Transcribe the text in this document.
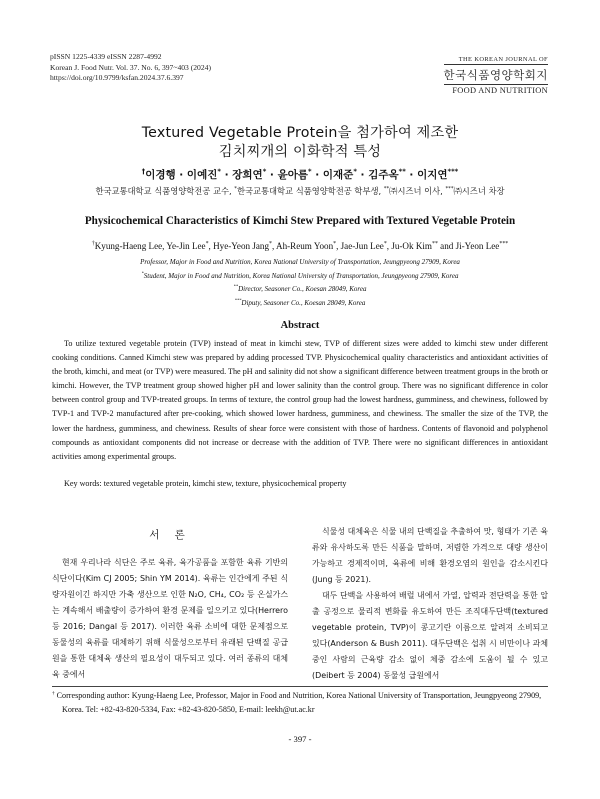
pISSN 1225-4339 eISSN 2287-4992
Korean J. Food Nutr. Vol. 37. No. 6, 397~403 (2024)
https://doi.org/10.9799/ksfan.2024.37.6.397
THE KOREAN JOURNAL OF
한국식품영양학회지
FOOD AND NUTRITION
Textured Vegetable Protein을 첨가하여 제조한
김치찌개의 이화학적 특성
†이경행 · 이예진* · 장희연* · 윤아름* · 이재준* · 김주옥** · 이지연***
한국교통대학교 식품영양학전공 교수, *한국교통대학교 식품영양학전공 학부생, **㈜시즈너 이사, ***㈜시즈너 차장
Physicochemical Characteristics of Kimchi Stew Prepared with Textured Vegetable Protein
†Kyung-Haeng Lee, Ye-Jin Lee*, Hye-Yeon Jang*, Ah-Reum Yoon*, Jae-Jun Lee*, Ju-Ok Kim** and Ji-Yeon Lee***
Professor, Major in Food and Nutrition, Korea National University of Transportation, Jeungpyeong 27909, Korea
*Student, Major in Food and Nutrition, Korea National University of Transportation, Jeungpyeong 27909, Korea
**Director, Seasoner Co., Koesan 28049, Korea
***Diputy, Seasoner Co., Koesan 28049, Korea
Abstract
To utilize textured vegetable protein (TVP) instead of meat in kimchi stew, TVP of different sizes were added to kimchi stew under different cooking conditions. Canned Kimchi stew was prepared by adding processed TVP. Physicochemical quality characteristics and antioxidant activities of the broth, kimchi, and meat (or TVP) were measured. The pH and salinity did not show a significant difference between treatment groups in the broth or kimchi. However, the TVP treatment group showed higher pH and lower salinity than the control group. There was no significant difference in color between control group and TVP-treated groups. In terms of texture, the control group had the lowest hardness, gumminess, and chewiness, followed by TVP-1 and TVP-2 manufactured after pre-cooking, which showed lower hardness, gumminess, and chewiness. The smaller the size of the TVP, the lower the hardness, gumminess, and chewiness. Results of shear force were consistent with those of hardness. Contents of flavonoid and polyphenol compounds as antioxidant components did not increase or decrease with the addition of TVP. There were no significant differences in antioxidant activities among experimental groups.
Key words: textured vegetable protein, kimchi stew, texture, physicochemical property
서 론

현재 우리나라 식단은 주로 육류, 육가공품을 포함한 육류 기반의 식단이다(Kim CJ 2005; Shin YM 2014). 육류는 인간에게 주된 식량자원이긴 하지만 가축 생산으로 인한 N₂O, CH₄, CO₂ 등 온실가스는 계속해서 배출량이 증가하여 환경 문제를 일으키고 있다(Herrero 등 2016; Dangal 등 2017). 이러한 육류 소비에 대한 문제점으로 동물성의 육류를 대체하기 위해 식물성으로부터 유래된 단백질 공급원을 통한 대체육 생산의 필요성이 대두되고 있다. 여러 종류의 대체육 중에서

식물성 대체육은 식물 내의 단백질을 추출하여 맛, 형태가 기존 육류와 유사하도록 만든 식품을 말하며, 저렴한 가격으로 대량 생산이 가능하고 경제적이며, 육류에 비해 환경오염의 원인을 감소시킨다(Jung 등 2021).

대두 단백을 사용하여 배럴 내에서 가열, 압력과 전단력을 통한 압출 공정으로 물리적 변화를 유도하여 만든 조직대두단백(textured vegetable protein, TVP)이 콩고기란 이름으로 알려져 소비되고 있다(Anderson & Bush 2011). 대두단백은 섭취 시 비만이나 과체중인 사람의 근육량 감소 없이 체중 감소에 도움이 될 수 있고(Deibert 등 2004) 동물성 급원에서

† Corresponding author: Kyung-Haeng Lee, Professor, Major in Food and Nutrition, Korea National University of Transportation, Jeungpyeong 27909, Korea. Tel: +82-43-820-5334, Fax: +82-43-820-5850, E-mail: leekh@ut.ac.kr
- 397 -
